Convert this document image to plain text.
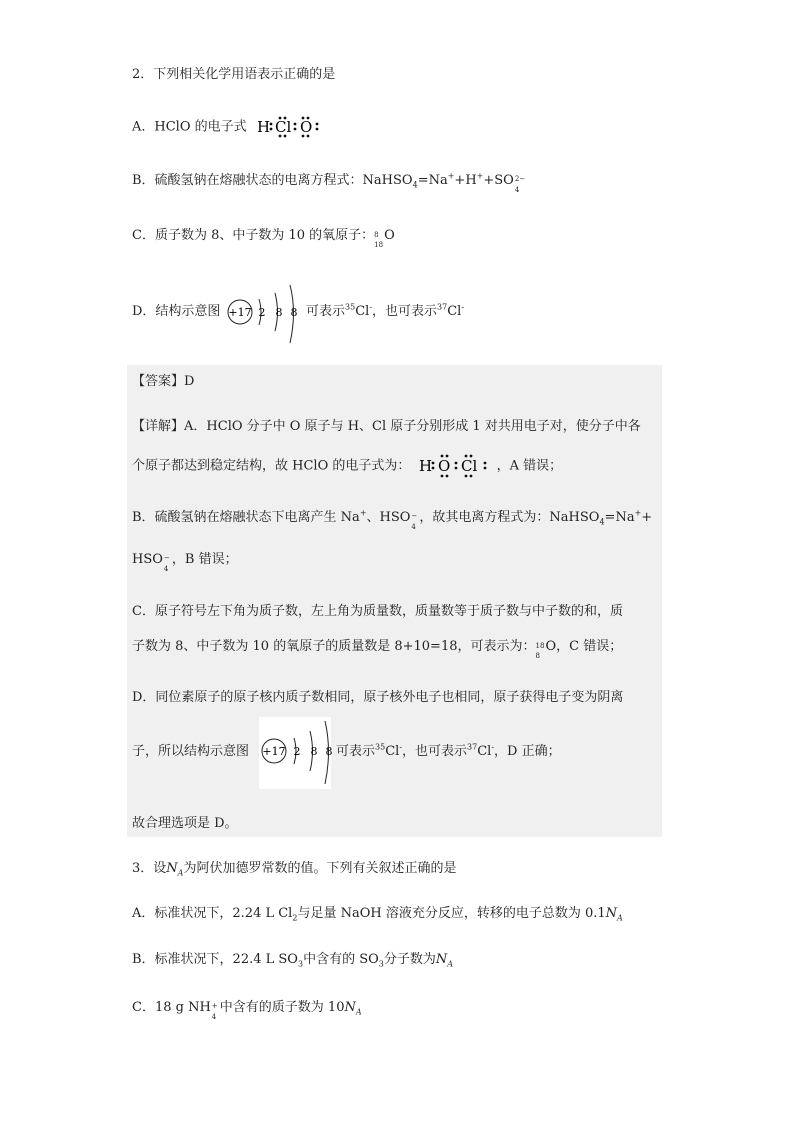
2．下列相关化学用语表示正确的是
A．HClO 的电子式 H Cl O
B．硫酸氢钠在熔融状态的电离方程式：NaHSO$_4$=Na++H++SO 2−
4
C．质子数为 8、中子数为 10 的氧原子： 8
18
O
D．结构示意图 +17 2 8 8 可表示$^{35}$Cl-，也可表示$^{37}$Cl-
【答案】D
【详解】A．HClO 分子中 O 原子与 H、Cl 原子分别形成 1 对共用电子对，使分子中各
个原子都达到稳定结构，故 HClO 的电子式为： H O Cl ，A 错误；
B．硫酸氢钠在熔融状态下电离产生 Na+、HSO −
4
，故其电离方程式为：NaHSO$_4$=Na++
HSO −
4
，B 错误；
C．原子符号左下角为质子数，左上角为质量数，质量数等于质子数与中子数的和，质
子数为 8、中子数为 10 的氧原子的质量数是 8+10=18，可表示为： 18
8
O，C 错误；
D．同位素原子的原子核内质子数相同，原子核外电子也相同，原子获得电子变为阴离
子，所以结构示意图 +17 2 8 8 可表示$^{35}$Cl-，也可表示$^{37}$Cl-，D 正确；
故合理选项是 D。
3．设$N_A$为阿伏加德罗常数的值。下列有关叙述正确的是
A．标准状况下，2.24 L $Cl_2$与足量 NaOH 溶液充分反应，转移的电子总数为 $0.1N_A$
B．标准状况下，22.4 L $SO_3$中含有的 $SO_3$分子数为$N_A$
C．18 g NH +
4
中含有的质子数为 $10N_A$
